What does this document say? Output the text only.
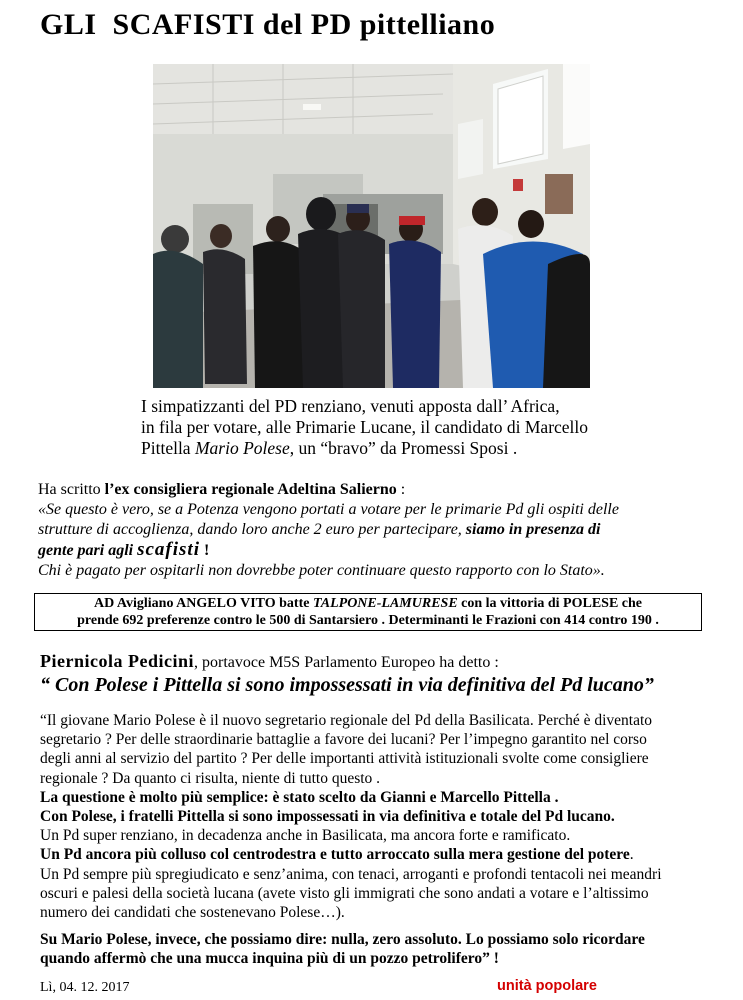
GLI  SCAFISTI del PD pittelliano
I simpatizzanti del PD renziano, venuti apposta dall’ Africa,
in fila per votare, alle Primarie Lucane, il candidato di Marcello
Pittella Mario Polese, un “bravo” da Promessi Sposi .
Ha scritto l’ex consigliera regionale Adeltina Salierno :
«Se questo è vero, se a Potenza vengono portati a votare per le primarie Pd gli ospiti delle
strutture di accoglienza, dando loro anche 2 euro per partecipare, siamo in presenza di
gente pari agli scafisti !
Chi è pagato per ospitarli non dovrebbe poter continuare questo rapporto con lo Stato».
AD Avigliano ANGELO VITO batte TALPONE-LAMURESE con la vittoria di POLESE che
prende 692 preferenze contro le 500 di Santarsiero . Determinanti le Frazioni con 414 contro 190 .
Piernicola Pedicini, portavoce M5S Parlamento Europeo ha detto :
“ Con Polese i Pittella si sono impossessati in via definitiva del Pd lucano”
“Il giovane Mario Polese è il nuovo segretario regionale del Pd della Basilicata. Perché è diventato
segretario ? Per delle straordinarie battaglie a favore dei lucani? Per l’impegno garantito nel corso
degli anni al servizio del partito ? Per delle importanti attività istituzionali svolte come consigliere
regionale ? Da quanto ci risulta, niente di tutto questo .
La questione è molto più semplice: è stato scelto da Gianni e Marcello Pittella .
Con Polese, i fratelli Pittella si sono impossessati in via definitiva e totale del Pd lucano.
Un Pd super renziano, in decadenza anche in Basilicata, ma ancora forte e ramificato.
Un Pd ancora più colluso col centrodestra e tutto arroccato sulla mera gestione del potere.
Un Pd sempre più spregiudicato e senz’anima, con tenaci, arroganti e profondi tentacoli nei meandri
oscuri e palesi della società lucana (avete visto gli immigrati che sono andati a votare e l’altissimo
numero dei candidati che sostenevano Polese…).
Su Mario Polese, invece, che possiamo dire: nulla, zero assoluto. Lo possiamo solo ricordare
quando affermò che una mucca inquina più di un pozzo petrolifero” !
Lì, 04. 12. 2017	unità popolare
